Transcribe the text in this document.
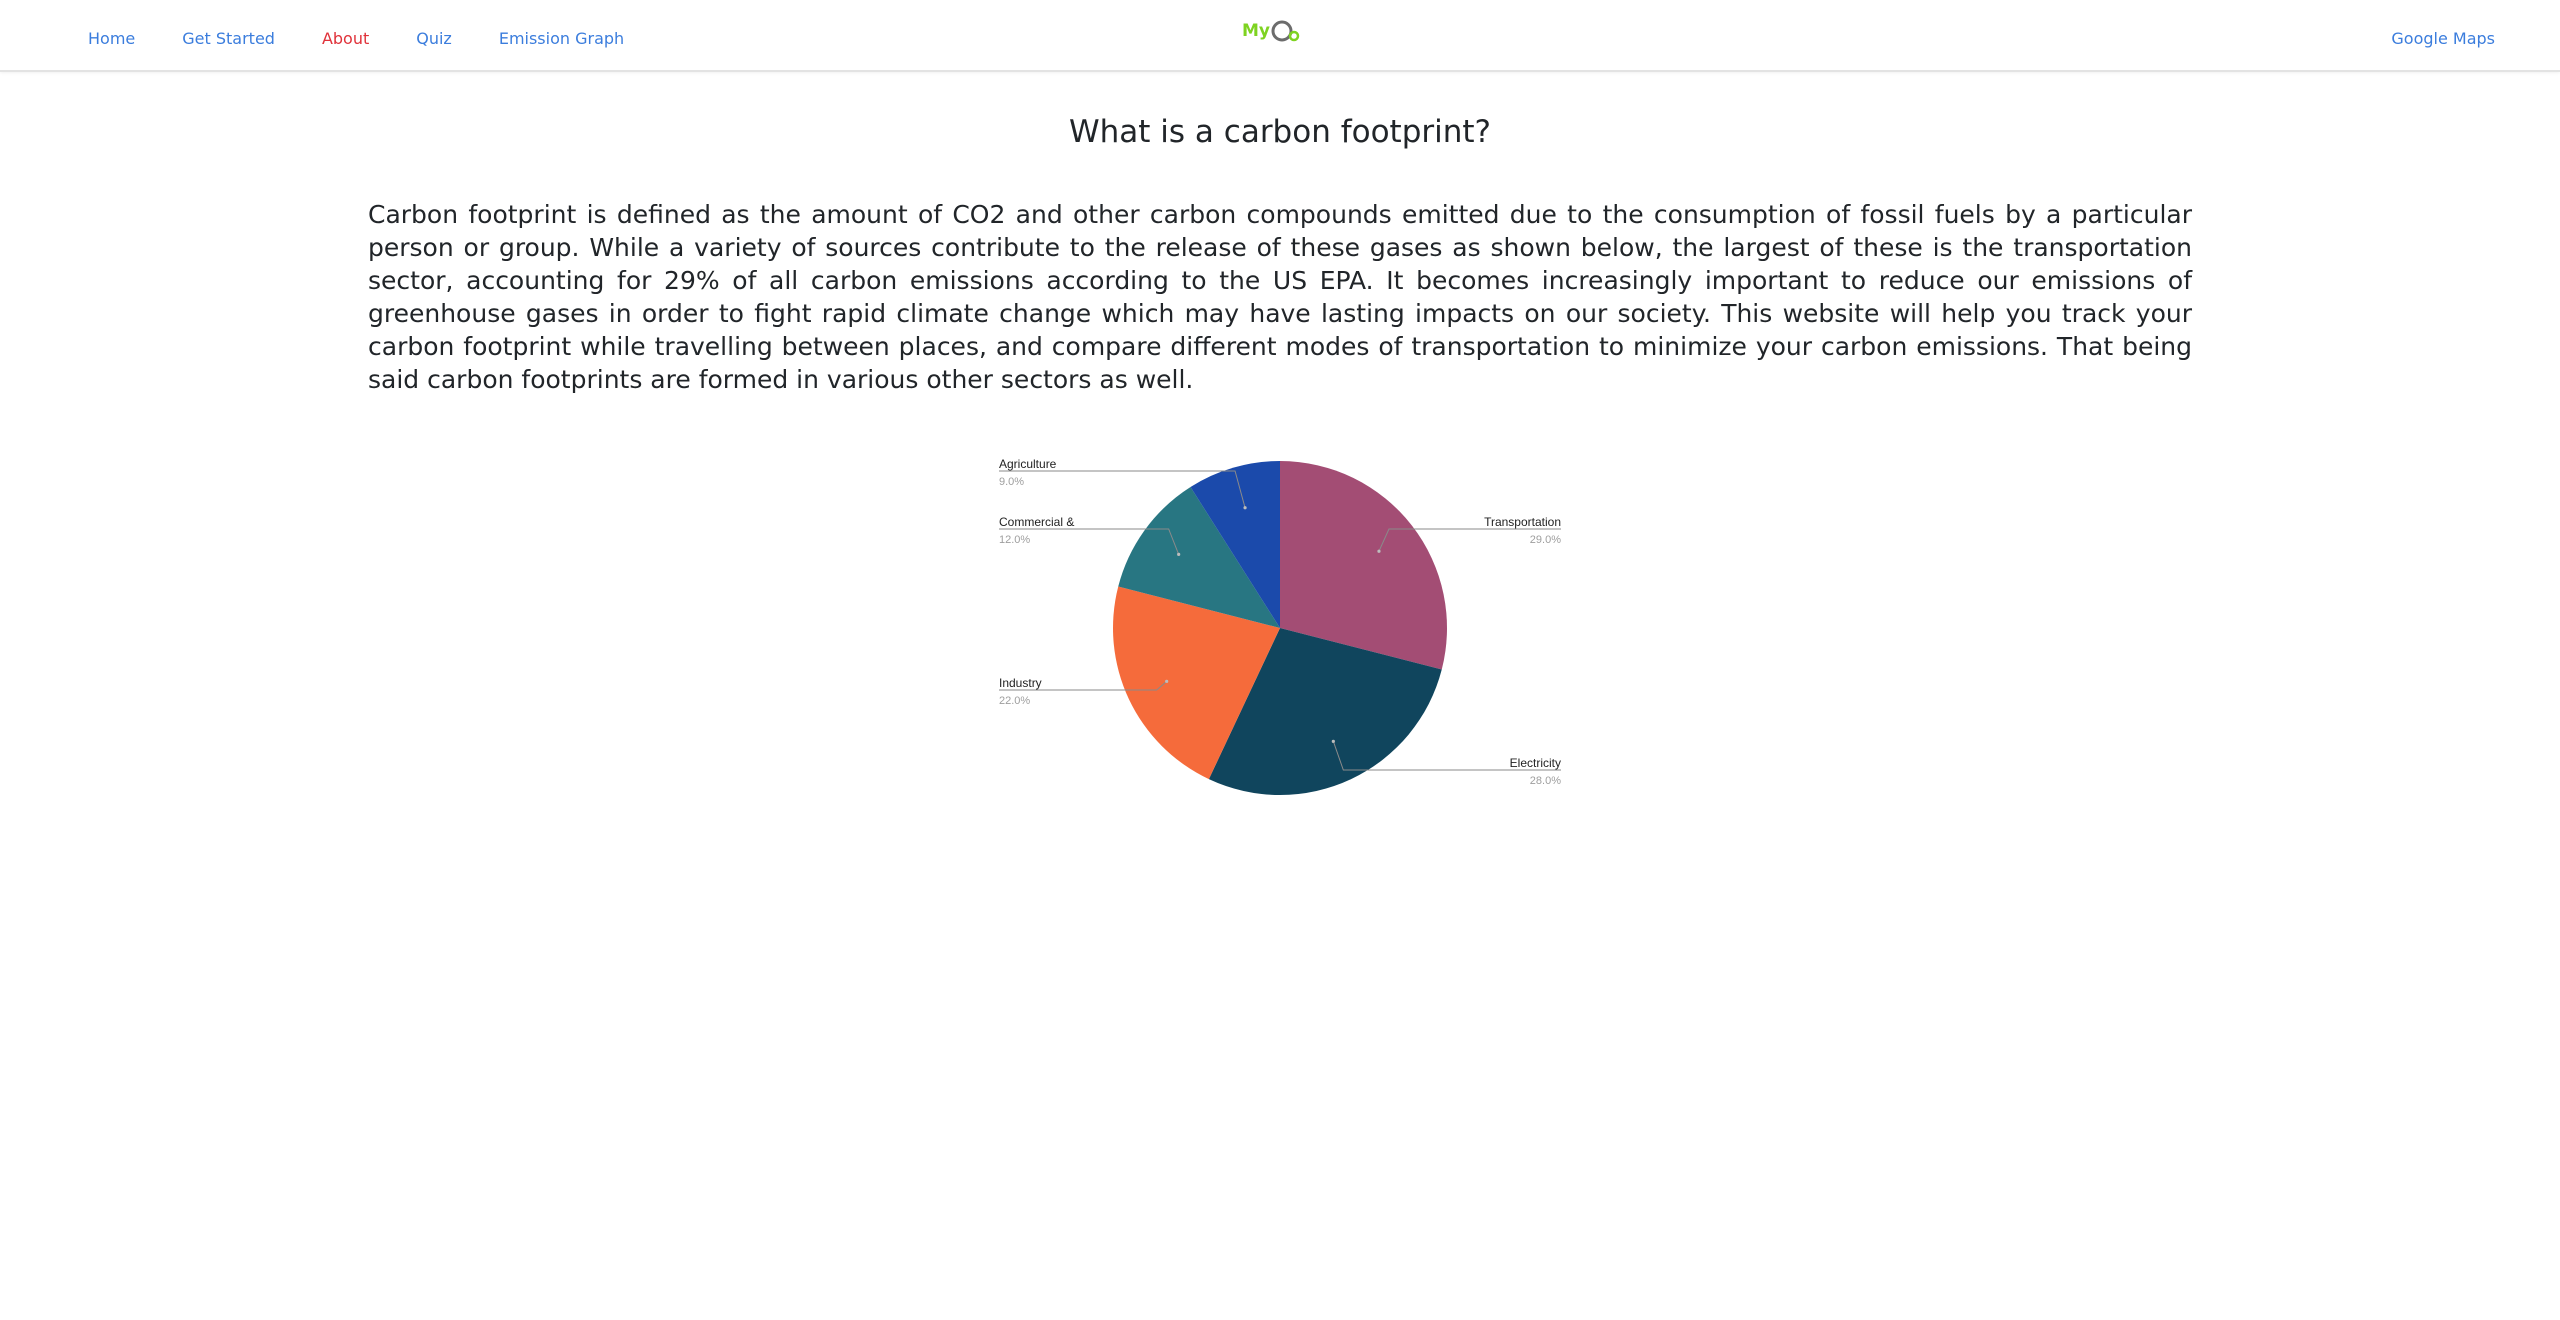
Home	Get Started	About	Quiz	Emission Graph	My	Google Maps
What is a carbon footprint?

Carbon footprint is defined as the amount of CO2 and other carbon compounds emitted due to the consumption of fossil fuels by a particular person or group. While a variety of sources contribute to the release of these gases as shown below, the largest of these is the transportation sector, accounting for 29% of all carbon emissions according to the US EPA. It becomes increasingly important to reduce our emissions of greenhouse gases in order to fight rapid climate change which may have lasting impacts on our society. This website will help you track your carbon footprint while travelling between places, and compare different modes of transportation to minimize your carbon emissions. That being said carbon footprints are formed in various other sectors as well.

Transportation
29.0%
Electricity
28.0%
Industry
22.0%
Commercial &
12.0%
Agriculture
9.0%
